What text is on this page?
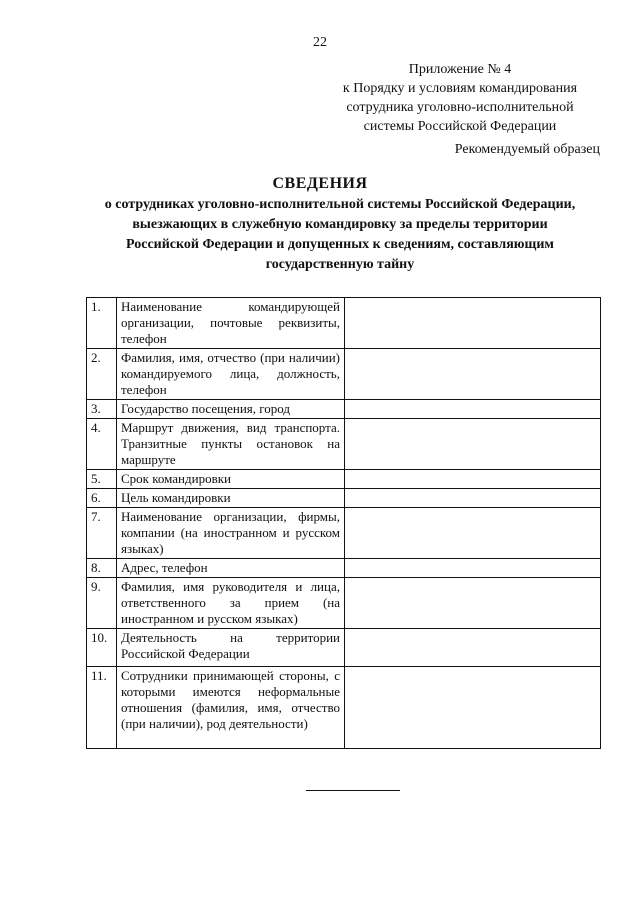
22
Приложение № 4
к Порядку и условиям командирования
сотрудника уголовно-исполнительной
системы Российской Федерации
Рекомендуемый образец
СВЕДЕНИЯ
о сотрудниках уголовно-исполнительной системы Российской Федерации,
выезжающих в служебную командировку за пределы территории
Российской Федерации и допущенных к сведениям, составляющим
государственную тайну
1.	Наименование командирующей организации, почтовые реквизиты, телефон	
2.	Фамилия, имя, отчество (при наличии) командируемого лица, должность, телефон	
3.	Государство посещения, город	
4.	Маршрут движения, вид транспорта. Транзитные пункты остановок на маршруте	
5.	Срок командировки	
6.	Цель командировки	
7.	Наименование организации, фирмы, компании (на иностранном и русском языках)	
8.	Адрес, телефон	
9.	Фамилия, имя руководителя и лица, ответственного за прием (на иностранном и русском языках)	
10.	Деятельность на территории Российской Федерации	
11.	Сотрудники принимающей стороны, с которыми имеются неформальные отношения (фамилия, имя, отчество (при наличии), род деятельности)	
